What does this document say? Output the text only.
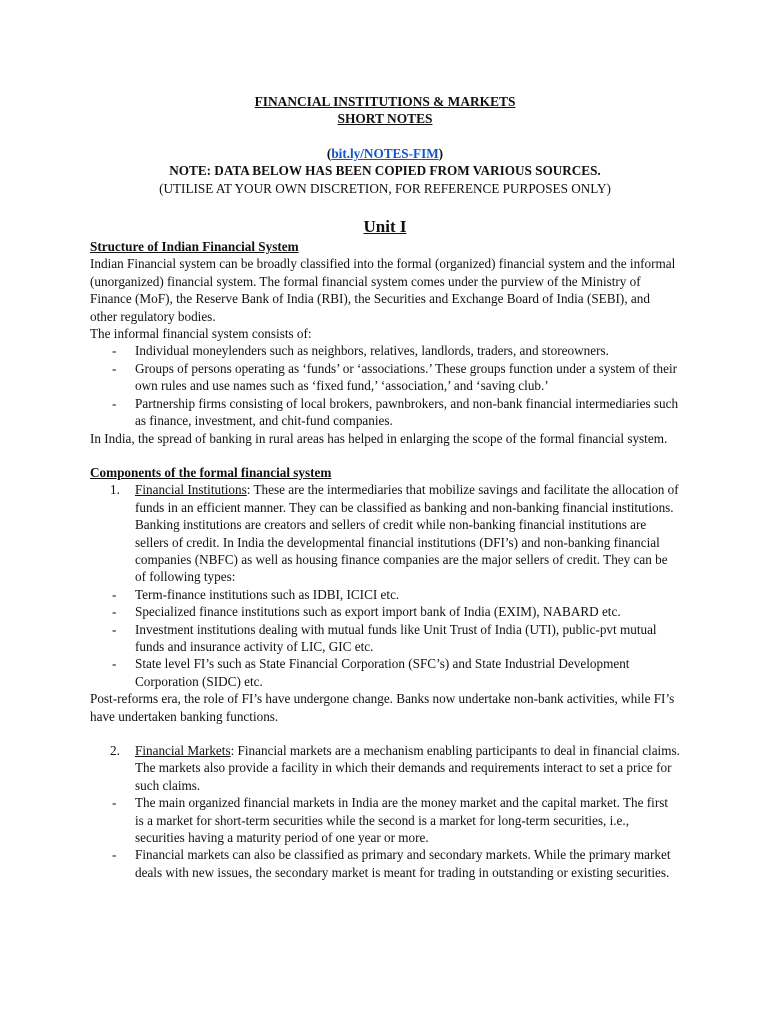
FINANCIAL INSTITUTIONS & MARKETS
SHORT NOTES
(bit.ly/NOTES-FIM)
NOTE: DATA BELOW HAS BEEN COPIED FROM VARIOUS SOURCES.
(UTILISE AT YOUR OWN DISCRETION, FOR REFERENCE PURPOSES ONLY)
Unit I
Structure of Indian Financial System

Indian Financial system can be broadly classified into the formal (organized) financial system and the informal (unorganized) financial system. The formal financial system comes under the purview of the Ministry of Finance (MoF), the Reserve Bank of India (RBI), the Securities and Exchange Board of India (SEBI), and other regulatory bodies.

The informal financial system consists of:

- Individual moneylenders such as neighbors, relatives, landlords, traders, and storeowners.
- Groups of persons operating as ‘funds’ or ‘associations.’ These groups function under a system of their own rules and use names such as ‘fixed fund,’ ‘association,’ and ‘saving club.’
- Partnership firms consisting of local brokers, pawnbrokers, and non-bank financial intermediaries such as finance, investment, and chit-fund companies.

In India, the spread of banking in rural areas has helped in enlarging the scope of the formal financial system.

Components of the formal financial system
1. Financial Institutions: These are the intermediaries that mobilize savings and facilitate the allocation of funds in an efficient manner. They can be classified as banking and non-banking financial institutions. Banking institutions are creators and sellers of credit while non-banking financial institutions are sellers of credit. In India the developmental financial institutions (DFI’s) and non-banking financial companies (NBFC) as well as housing finance companies are the major sellers of credit. They can be of following types:
- Term-finance institutions such as IDBI, ICICI etc.
- Specialized finance institutions such as export import bank of India (EXIM), NABARD etc.
- Investment institutions dealing with mutual funds like Unit Trust of India (UTI), public-pvt mutual funds and insurance activity of LIC, GIC etc.
- State level FI’s such as State Financial Corporation (SFC’s) and State Industrial Development Corporation (SIDC) etc.

Post-reforms era, the role of FI’s have undergone change. Banks now undertake non-bank activities, while FI’s have undertaken banking functions.

2. Financial Markets: Financial markets are a mechanism enabling participants to deal in financial claims. The markets also provide a facility in which their demands and requirements interact to set a price for such claims.
- The main organized financial markets in India are the money market and the capital market. The first is a market for short-term securities while the second is a market for long-term securities, i.e., securities having a maturity period of one year or more.
- Financial markets can also be classified as primary and secondary markets. While the primary market deals with new issues, the secondary market is meant for trading in outstanding or existing securities.
